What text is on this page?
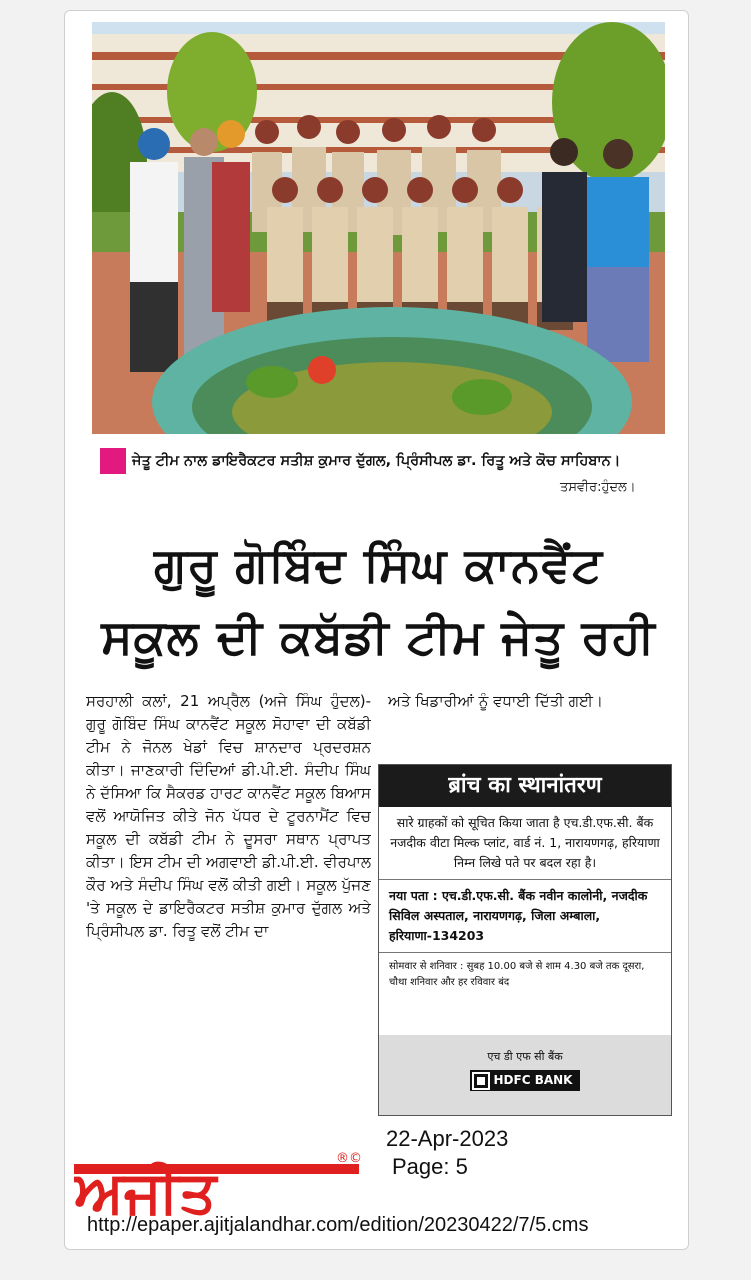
ਜੇਤੂ ਟੀਮ ਨਾਲ ਡਾਇਰੈਕਟਰ ਸਤੀਸ਼ ਕੁਮਾਰ ਦੁੱਗਲ, ਪ੍ਰਿੰਸੀਪਲ ਡਾ. ਰਿਤੂ ਅਤੇ ਕੋਚ ਸਾਹਿਬਾਨ।
ਤਸਵੀਰ:ਹੁੰਦਲ।
ਗੁਰੂ ਗੋਬਿੰਦ ਸਿੰਘ ਕਾਨਵੈਂਟ
ਸਕੂਲ ਦੀ ਕਬੱਡੀ ਟੀਮ ਜੇਤੂ ਰਹੀ
ਸਰਹਾਲੀ ਕਲਾਂ, 21 ਅਪ੍ਰੈਲ (ਅਜੇ ਸਿੰਘ ਹੁੰਦਲ)- ਗੁਰੂ ਗੋਬਿੰਦ ਸਿੰਘ ਕਾਨਵੈਂਟ ਸਕੂਲ ਸੋਹਾਵਾ ਦੀ ਕਬੱਡੀ ਟੀਮ ਨੇ ਜੋਨਲ ਖੇਡਾਂ ਵਿਚ ਸ਼ਾਨਦਾਰ ਪ੍ਰਦਰਸ਼ਨ ਕੀਤਾ। ਜਾਣਕਾਰੀ ਦਿੰਦਿਆਂ ਡੀ.ਪੀ.ਈ. ਸੰਦੀਪ ਸਿੰਘ ਨੇ ਦੱਸਿਆ ਕਿ ਸੈਕਰਡ ਹਾਰਟ ਕਾਨਵੈਂਟ ਸਕੂਲ ਬਿਆਸ ਵਲੋਂ ਆਯੋਜਿਤ ਕੀਤੇ ਜੋਨ ਪੱਧਰ ਦੇ ਟੂਰਨਾਮੈਂਟ ਵਿਚ ਸਕੂਲ ਦੀ ਕਬੱਡੀ ਟੀਮ ਨੇ ਦੂਸਰਾ ਸਥਾਨ ਪ੍ਰਾਪਤ ਕੀਤਾ। ਇਸ ਟੀਮ ਦੀ ਅਗਵਾਈ ਡੀ.ਪੀ.ਈ. ਵੀਰਪਾਲ ਕੌਰ ਅਤੇ ਸੰਦੀਪ ਸਿੰਘ ਵਲੋਂ ਕੀਤੀ ਗਈ। ਸਕੂਲ ਪੁੱਜਣ 'ਤੇ ਸਕੂਲ ਦੇ ਡਾਇਰੈਕਟਰ ਸਤੀਸ਼ ਕੁਮਾਰ ਦੁੱਗਲ ਅਤੇ ਪ੍ਰਿੰਸੀਪਲ ਡਾ. ਰਿਤੂ ਵਲੋਂ ਟੀਮ ਦਾ
ਅਤੇ ਖਿਡਾਰੀਆਂ ਨੂੰ ਵਧਾਈ ਦਿੱਤੀ ਗਈ।
ब्रांच का स्थानांतरण
सारे ग्राहकों को सूचित किया जाता है एच.डी.एफ.सी. बैंक नजदीक वीटा मिल्क प्लांट, वार्ड नं. 1, नारायणगढ़, हरियाणा निम्न लिखे पते पर बदल रहा है।
नया पता : एच.डी.एफ.सी. बैंक नवीन कालोनी, नजदीक सिविल अस्पताल, नारायणगढ़, जिला अम्बाला, हरियाणा-134203
सोमवार से शनिवार : सुबह 10.00 बजे से शाम 4.30 बजे तक दूसरा, चौथा शनिवार और हर रविवार बंद
एच डी एफ सी बैंक
HDFC BANK
ਅਜੀਤ	®©
22-Apr-2023
Page: 5
http://epaper.ajitjalandhar.com/edition/20230422/7/5.cms
